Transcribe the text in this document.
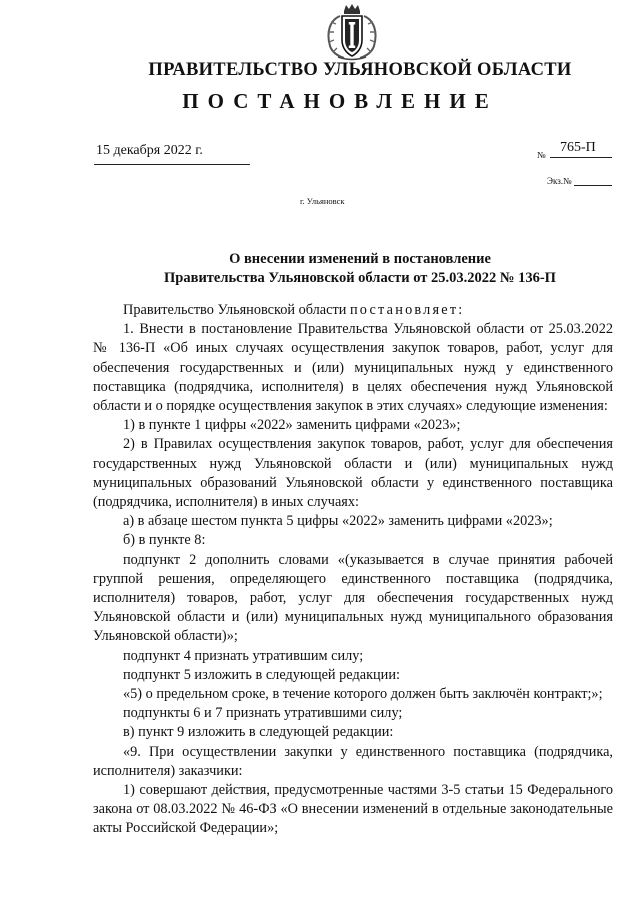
ПРАВИТЕЛЬСТВО УЛЬЯНОВСКОЙ ОБЛАСТИ
ПОСТАНОВЛЕНИЕ
15 декабря 2022 г.	№ 765-П
Экз.№
г. Ульяновск
О внесении изменений в постановление
Правительства Ульяновской области от 25.03.2022 № 136-П

Правительство Ульяновской области постановляет:

1. Внести в постановление Правительства Ульяновской области от 25.03.2022 № 136-П «Об иных случаях осуществления закупок товаров, работ, услуг для обеспечения государственных и (или) муниципальных нужд у единственного поставщика (подрядчика, исполнителя) в целях обеспечения нужд Ульяновской области и о порядке осуществления закупок в этих случаях» следующие изменения:

1) в пункте 1 цифры «2022» заменить цифрами «2023»;

2) в Правилах осуществления закупок товаров, работ, услуг для обеспечения государственных нужд Ульяновской области и (или) муниципальных нужд муниципальных образований Ульяновской области у единственного поставщика (подрядчика, исполнителя) в иных случаях:

а) в абзаце шестом пункта 5 цифры «2022» заменить цифрами «2023»;

б) в пункте 8:

подпункт 2 дополнить словами «(указывается в случае принятия рабочей группой решения, определяющего единственного поставщика (подрядчика, исполнителя) товаров, работ, услуг для обеспечения государственных нужд Ульяновской области и (или) муниципальных нужд муниципального образования Ульяновской области)»;

подпункт 4 признать утратившим силу;

подпункт 5 изложить в следующей редакции:

«5) о предельном сроке, в течение которого должен быть заключён контракт;»;

подпункты 6 и 7 признать утратившими силу;

в) пункт 9 изложить в следующей редакции:

«9. При осуществлении закупки у единственного поставщика (подрядчика, исполнителя) заказчики:

1) совершают действия, предусмотренные частями 3-5 статьи 15 Федерального закона от 08.03.2022 № 46-ФЗ «О внесении изменений в отдельные законодательные акты Российской Федерации»;
